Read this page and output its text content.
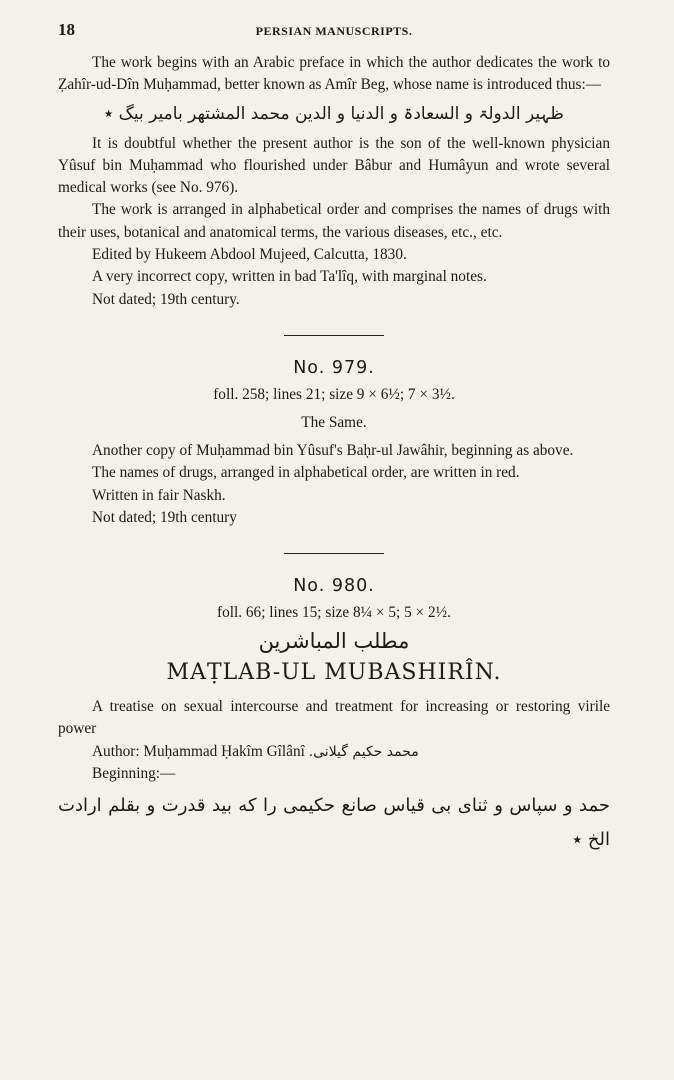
18	PERSIAN MANUSCRIPTS.

The work begins with an Arabic preface in which the author dedicates the work to Ẓahîr-ud-Dîn Muḥammad, better known as Amîr Beg, whose name is introduced thus:—

ظہیر الدولۃ و السعادۃ و الدنیا و الدین محمد المشتھر بامیر بیگ ٭

It is doubtful whether the present author is the son of the well-known physician Yûsuf bin Muḥammad who flourished under Bâbur and Humâyun and wrote several medical works (see No. 976).

The work is arranged in alphabetical order and comprises the names of drugs with their uses, botanical and anatomical terms, the various diseases, etc., etc.

Edited by Hukeem Abdool Mujeed, Calcutta, 1830.

A very incorrect copy, written in bad Ta'lîq, with marginal notes.

Not dated; 19th century.

No. 979.
foll. 258; lines 21; size 9 × 6½; 7 × 3½.
The Same.

Another copy of Muḥammad bin Yûsuf's Baḥr-ul Jawâhir, beginning as above.

The names of drugs, arranged in alphabetical order, are written in red.

Written in fair Naskh.

Not dated; 19th century

No. 980.
foll. 66; lines 15; size 8¼ × 5; 5 × 2½.
مطلب المباشرین
MAṬLAB-UL MUBASHIRÎN.

A treatise on sexual intercourse and treatment for increasing or restoring virile power

Author: Muḥammad Ḥakîm Gîlânî محمد حکیم گیلانی.

Beginning:—

حمد و سپاس و ثنای بی قیاس صانع حکیمی را که بید قدرت و بقلم ارادت الخ ٭
